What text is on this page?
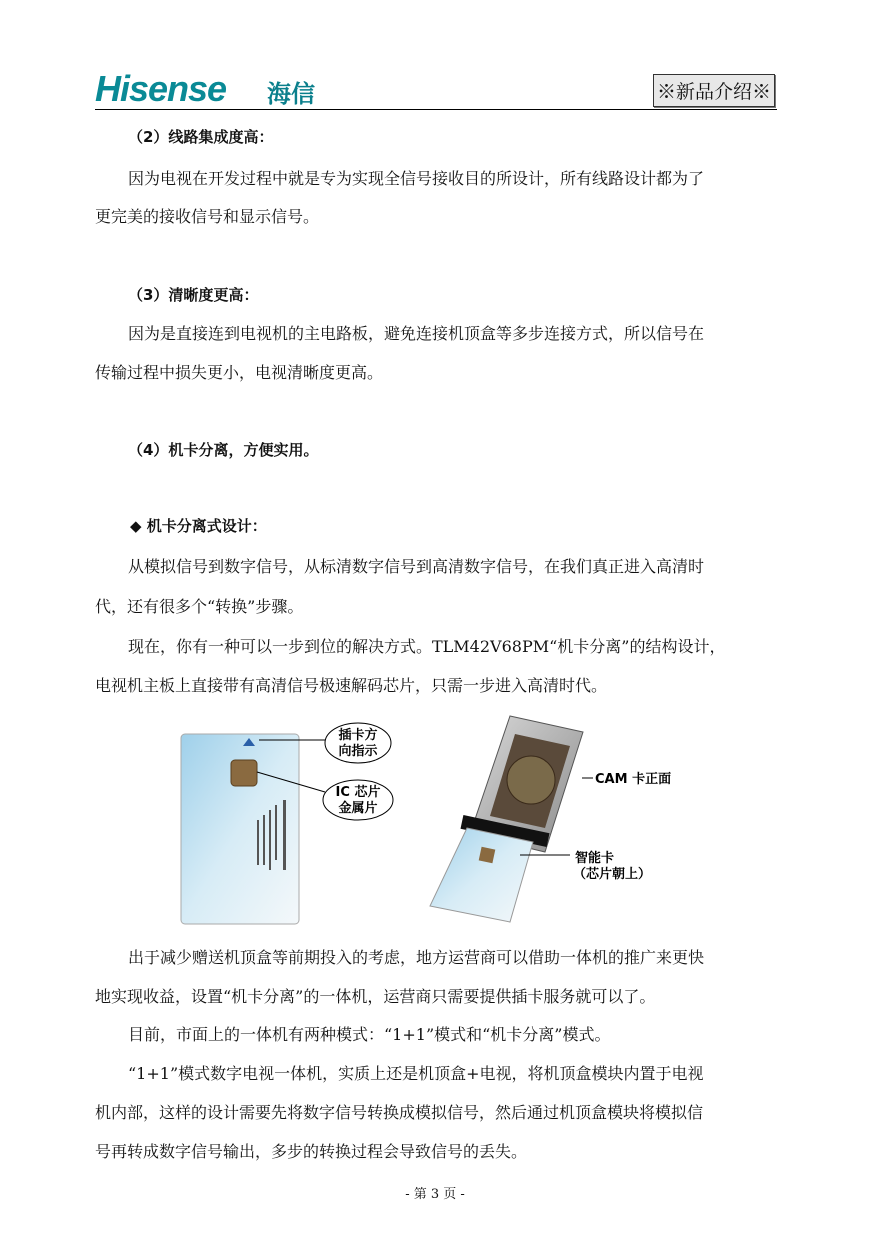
Hisense 海信	※新品介绍※
（2）线路集成度高：
因为电视在开发过程中就是专为实现全信号接收目的所设计，所有线路设计都为了
更完美的接收信号和显示信号。
（3）清晰度更高：
因为是直接连到电视机的主电路板，避免连接机顶盒等多步连接方式，所以信号在
传输过程中损失更小，电视清晰度更高。
（4）机卡分离，方便实用。
◆ 机卡分离式设计：
从模拟信号到数字信号，从标清数字信号到高清数字信号，在我们真正进入高清时
代，还有很多个“转换”步骤。
现在，你有一种可以一步到位的解决方式。TLM42V68PM“机卡分离”的结构设计，
电视机主板上直接带有高清信号极速解码芯片，只需一步进入高清时代。
插卡方
向指示
IC 芯片
金属片
CAM 卡正面
智能卡
（芯片朝上）
出于减少赠送机顶盒等前期投入的考虑，地方运营商可以借助一体机的推广来更快
地实现收益，设置“机卡分离”的一体机，运营商只需要提供插卡服务就可以了。
目前，市面上的一体机有两种模式：“1+1”模式和“机卡分离”模式。
“1+1”模式数字电视一体机，实质上还是机顶盒+电视，将机顶盒模块内置于电视
机内部，这样的设计需要先将数字信号转换成模拟信号，然后通过机顶盒模块将模拟信
号再转成数字信号输出，多步的转换过程会导致信号的丢失。
- 第 3 页 -
